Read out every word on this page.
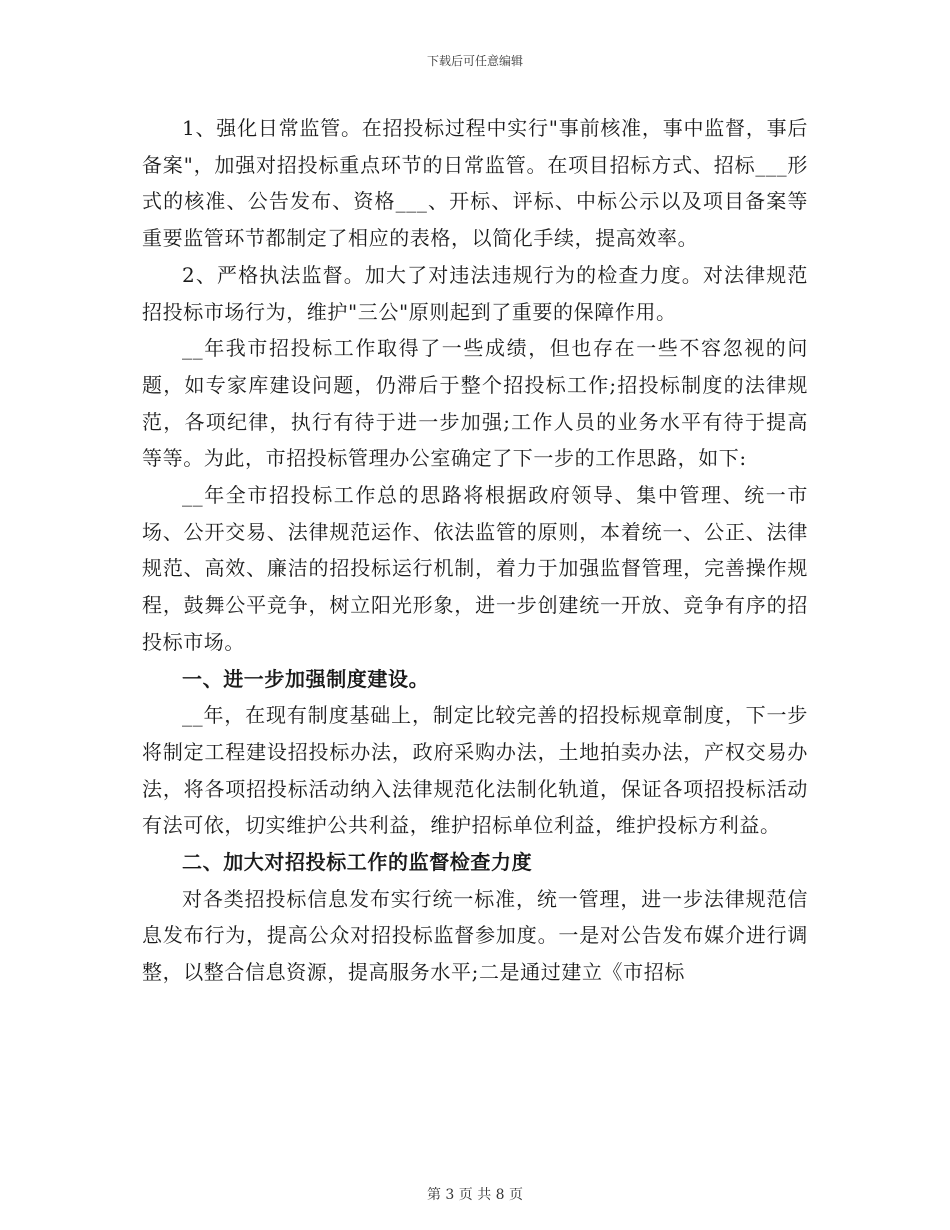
下载后可任意编辑

1、强化日常监管。在招投标过程中实行"事前核准，事中监督，事后备案"，加强对招投标重点环节的日常监管。在项目招标方式、招标___形式的核准、公告发布、资格___、开标、评标、中标公示以及项目备案等重要监管环节都制定了相应的表格，以简化手续，提高效率。

2、严格执法监督。加大了对违法违规行为的检查力度。对法律规范招投标市场行为，维护"三公"原则起到了重要的保障作用。

__年我市招投标工作取得了一些成绩，但也存在一些不容忽视的问题，如专家库建设问题，仍滞后于整个招投标工作;招投标制度的法律规范，各项纪律，执行有待于进一步加强;工作人员的业务水平有待于提高等等。为此，市招投标管理办公室确定了下一步的工作思路，如下:

__年全市招投标工作总的思路将根据政府领导、集中管理、统一市场、公开交易、法律规范运作、依法监管的原则，本着统一、公正、法律规范、高效、廉洁的招投标运行机制，着力于加强监督管理，完善操作规程，鼓舞公平竞争，树立阳光形象，进一步创建统一开放、竞争有序的招投标市场。

一、进一步加强制度建设。

__年，在现有制度基础上，制定比较完善的招投标规章制度，下一步将制定工程建设招投标办法，政府采购办法，土地拍卖办法，产权交易办法，将各项招投标活动纳入法律规范化法制化轨道，保证各项招投标活动有法可依，切实维护公共利益，维护招标单位利益，维护投标方利益。

二、加大对招投标工作的监督检查力度

对各类招投标信息发布实行统一标准，统一管理，进一步法律规范信息发布行为，提高公众对招投标监督参加度。一是对公告发布媒介进行调整，以整合信息资源，提高服务水平;二是通过建立《市招标

第 3 页 共 8 页
